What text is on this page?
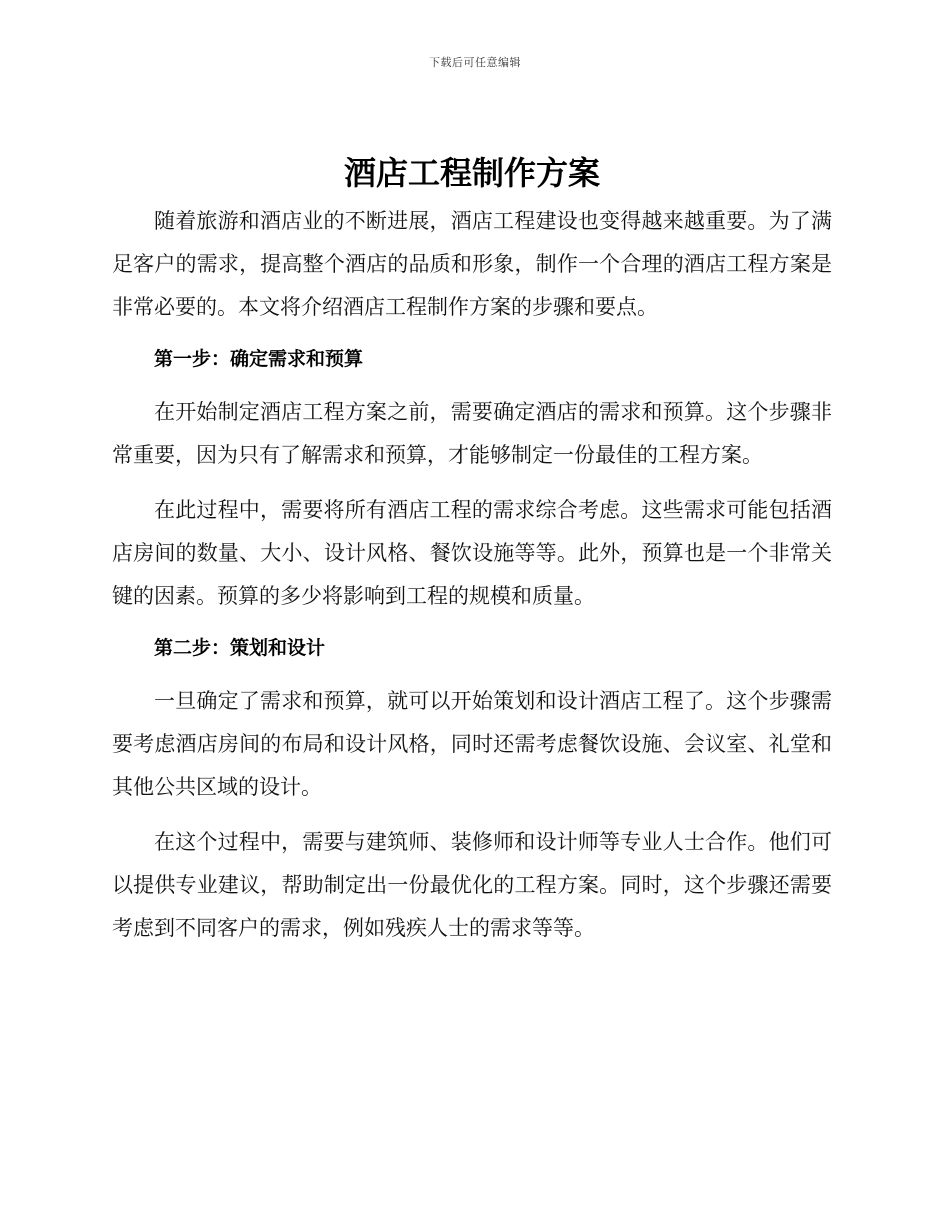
下载后可任意编辑
酒店工程制作方案

随着旅游和酒店业的不断进展，酒店工程建设也变得越来越重要。为了满足客户的需求，提高整个酒店的品质和形象，制作一个合理的酒店工程方案是非常必要的。本文将介绍酒店工程制作方案的步骤和要点。

第一步：确定需求和预算

在开始制定酒店工程方案之前，需要确定酒店的需求和预算。这个步骤非常重要，因为只有了解需求和预算，才能够制定一份最佳的工程方案。

在此过程中，需要将所有酒店工程的需求综合考虑。这些需求可能包括酒店房间的数量、大小、设计风格、餐饮设施等等。此外，预算也是一个非常关键的因素。预算的多少将影响到工程的规模和质量。

第二步：策划和设计

一旦确定了需求和预算，就可以开始策划和设计酒店工程了。这个步骤需要考虑酒店房间的布局和设计风格，同时还需考虑餐饮设施、会议室、礼堂和其他公共区域的设计。

在这个过程中，需要与建筑师、装修师和设计师等专业人士合作。他们可以提供专业建议，帮助制定出一份最优化的工程方案。同时，这个步骤还需要考虑到不同客户的需求，例如残疾人士的需求等等。
